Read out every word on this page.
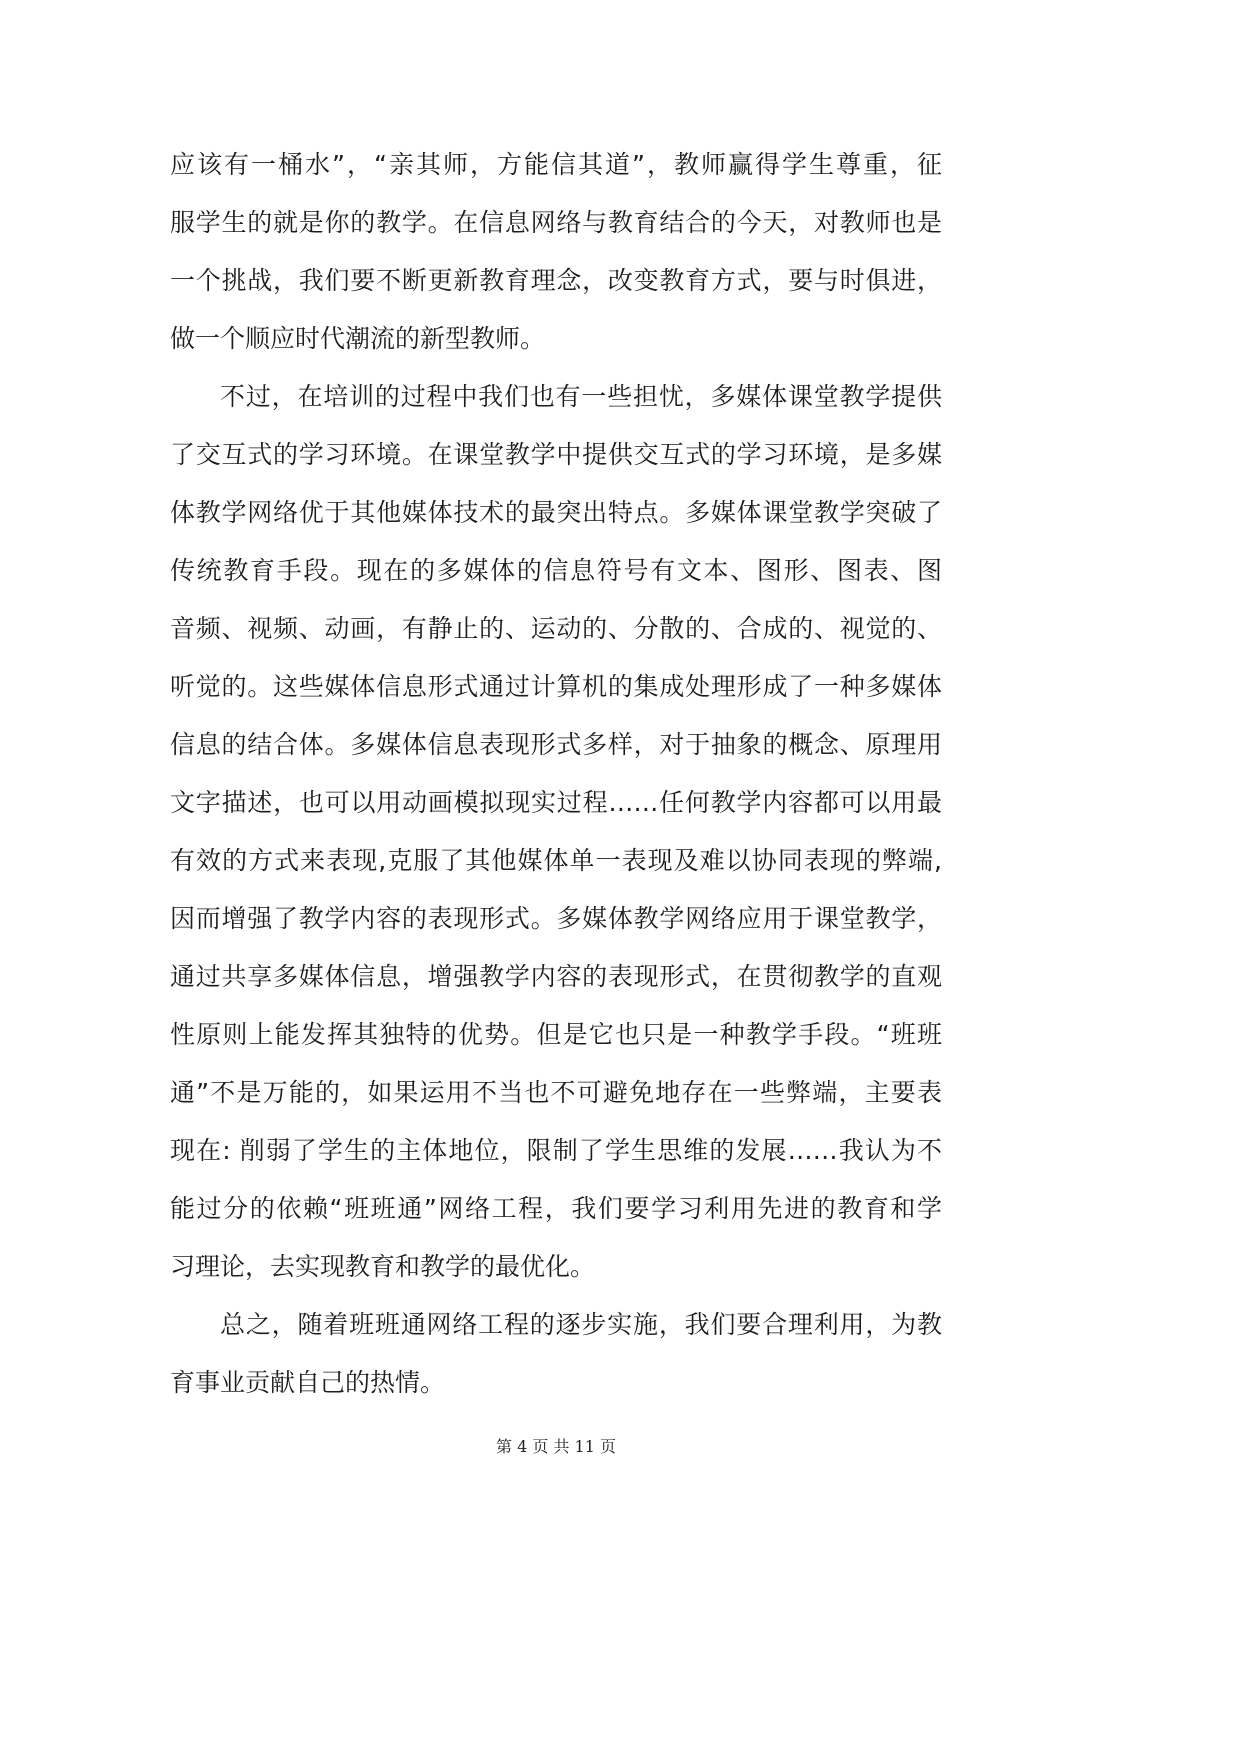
应该有一桶水”，“亲其师，方能信其道”，教师赢得学生尊重，征
服学生的就是你的教学。在信息网络与教育结合的今天，对教师也是
一个挑战，我们要不断更新教育理念，改变教育方式，要与时俱进，
做一个顺应时代潮流的新型教师。
不过，在培训的过程中我们也有一些担忧，多媒体课堂教学提供
了交互式的学习环境。在课堂教学中提供交互式的学习环境，是多媒
体教学网络优于其他媒体技术的最突出特点。多媒体课堂教学突破了
传统教育手段。现在的多媒体的信息符号有文本、图形、图表、图
音频、视频、动画，有静止的、运动的、分散的、合成的、视觉的、
听觉的。这些媒体信息形式通过计算机的集成处理形成了一种多媒体
信息的结合体。多媒体信息表现形式多样，对于抽象的概念、原理用
文字描述，也可以用动画模拟现实过程……任何教学内容都可以用最
有效的方式来表现,克服了其他媒体单一表现及难以协同表现的弊端,
因而增强了教学内容的表现形式。多媒体教学网络应用于课堂教学，
通过共享多媒体信息，增强教学内容的表现形式，在贯彻教学的直观
性原则上能发挥其独特的优势。但是它也只是一种教学手段。“班班
通”不是万能的，如果运用不当也不可避免地存在一些弊端，主要表
现在: 削弱了学生的主体地位，限制了学生思维的发展……我认为不
能过分的依赖“班班通”网络工程，我们要学习利用先进的教育和学
习理论，去实现教育和教学的最优化。
总之，随着班班通网络工程的逐步实施，我们要合理利用，为教
育事业贡献自己的热情。
第 4 页 共 11 页
